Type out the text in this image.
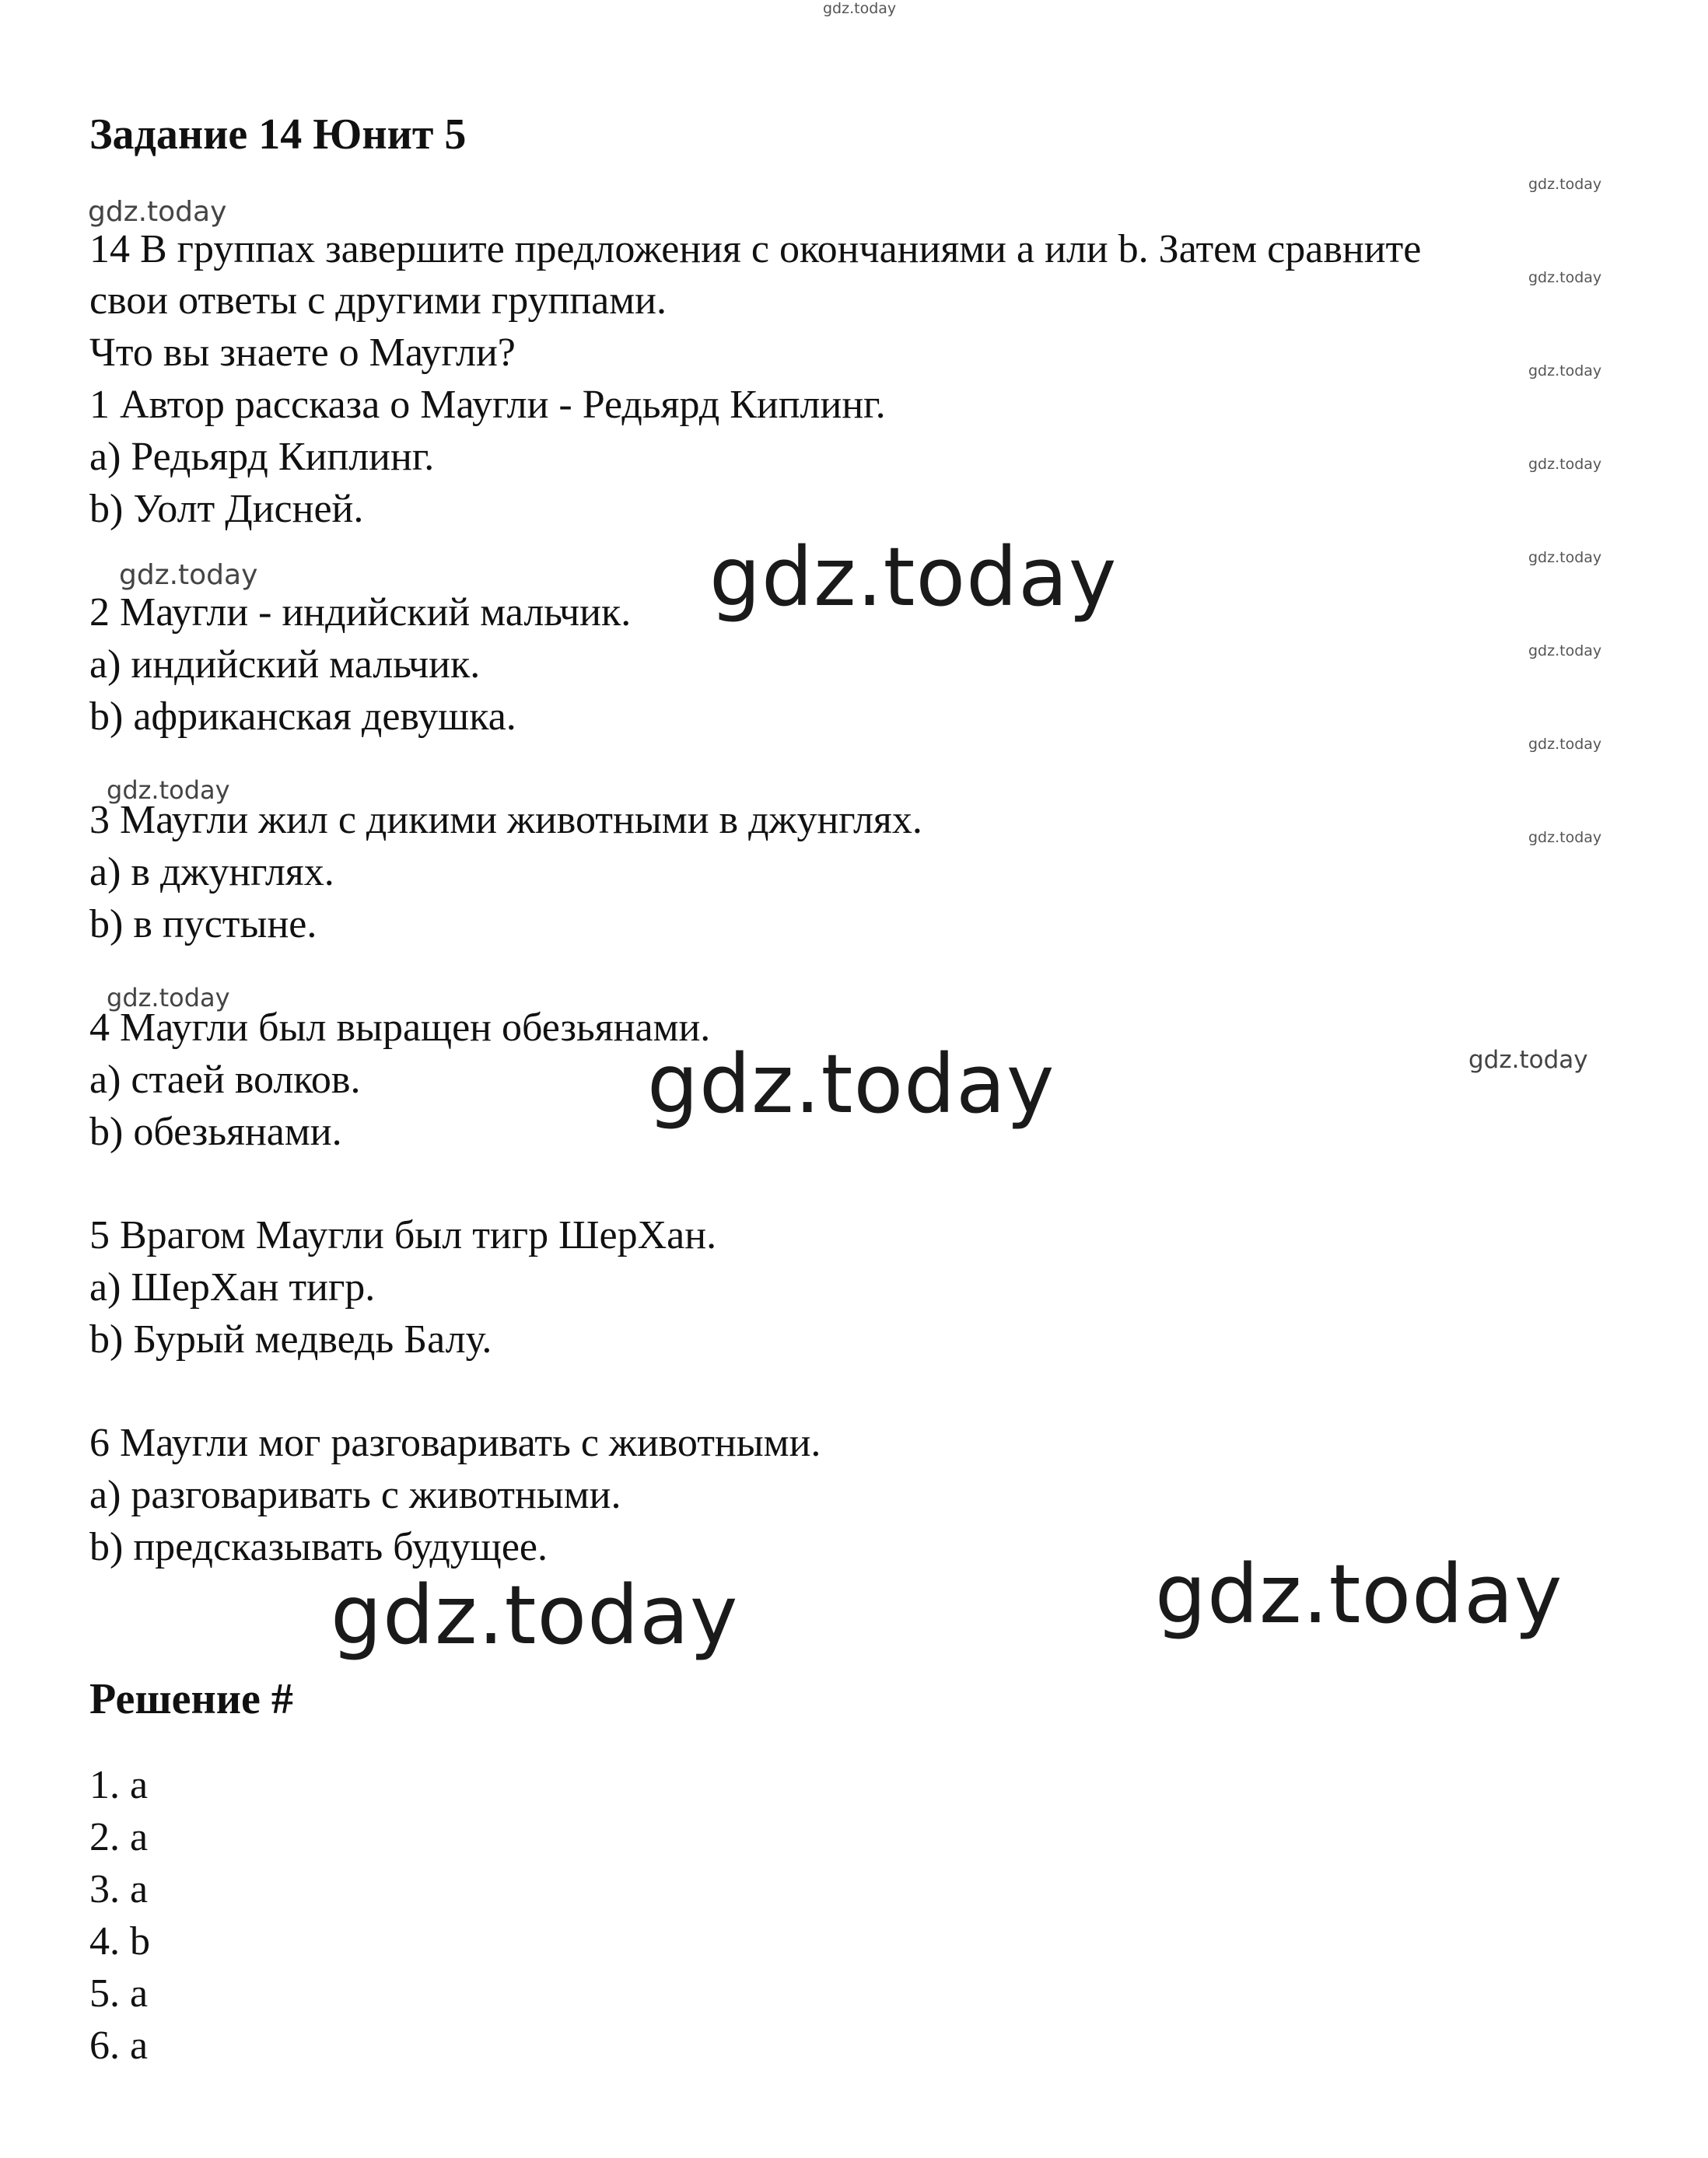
gdz.today
Задание 14 Юнит 5
gdz.today
gdz.today
gdz.today
gdz.today
gdz.today
gdz.today
gdz.today
gdz.today
gdz.today
gdz.today
gdz.today
gdz.today
gdz.today
gdz.today
gdz.today
gdz.today	gdz.today
14 В группах завершите предложения с окончаниями a или b. Затем сравните
свои ответы с другими группами.
Что вы знаете о Маугли?
1 Автор рассказа о Маугли - Редьярд Киплинг.
a) Редьярд Киплинг.
b) Уолт Дисней.
2 Маугли - индийский мальчик.
a) индийский мальчик.
b) африканская девушка.
3 Маугли жил с дикими животными в джунглях.
a) в джунглях.
b) в пустыне.
4 Маугли был выращен обезьянами.
a) стаей волков.
b) обезьянами.
5 Врагом Маугли был тигр ШерХан.
a) ШерХан тигр.
b) Бурый медведь Балу.
6 Маугли мог разговаривать с животными.
a) разговаривать с животными.
b) предсказывать будущее.
Решение #
1. a
2. a
3. a
4. b
5. a
6. a
